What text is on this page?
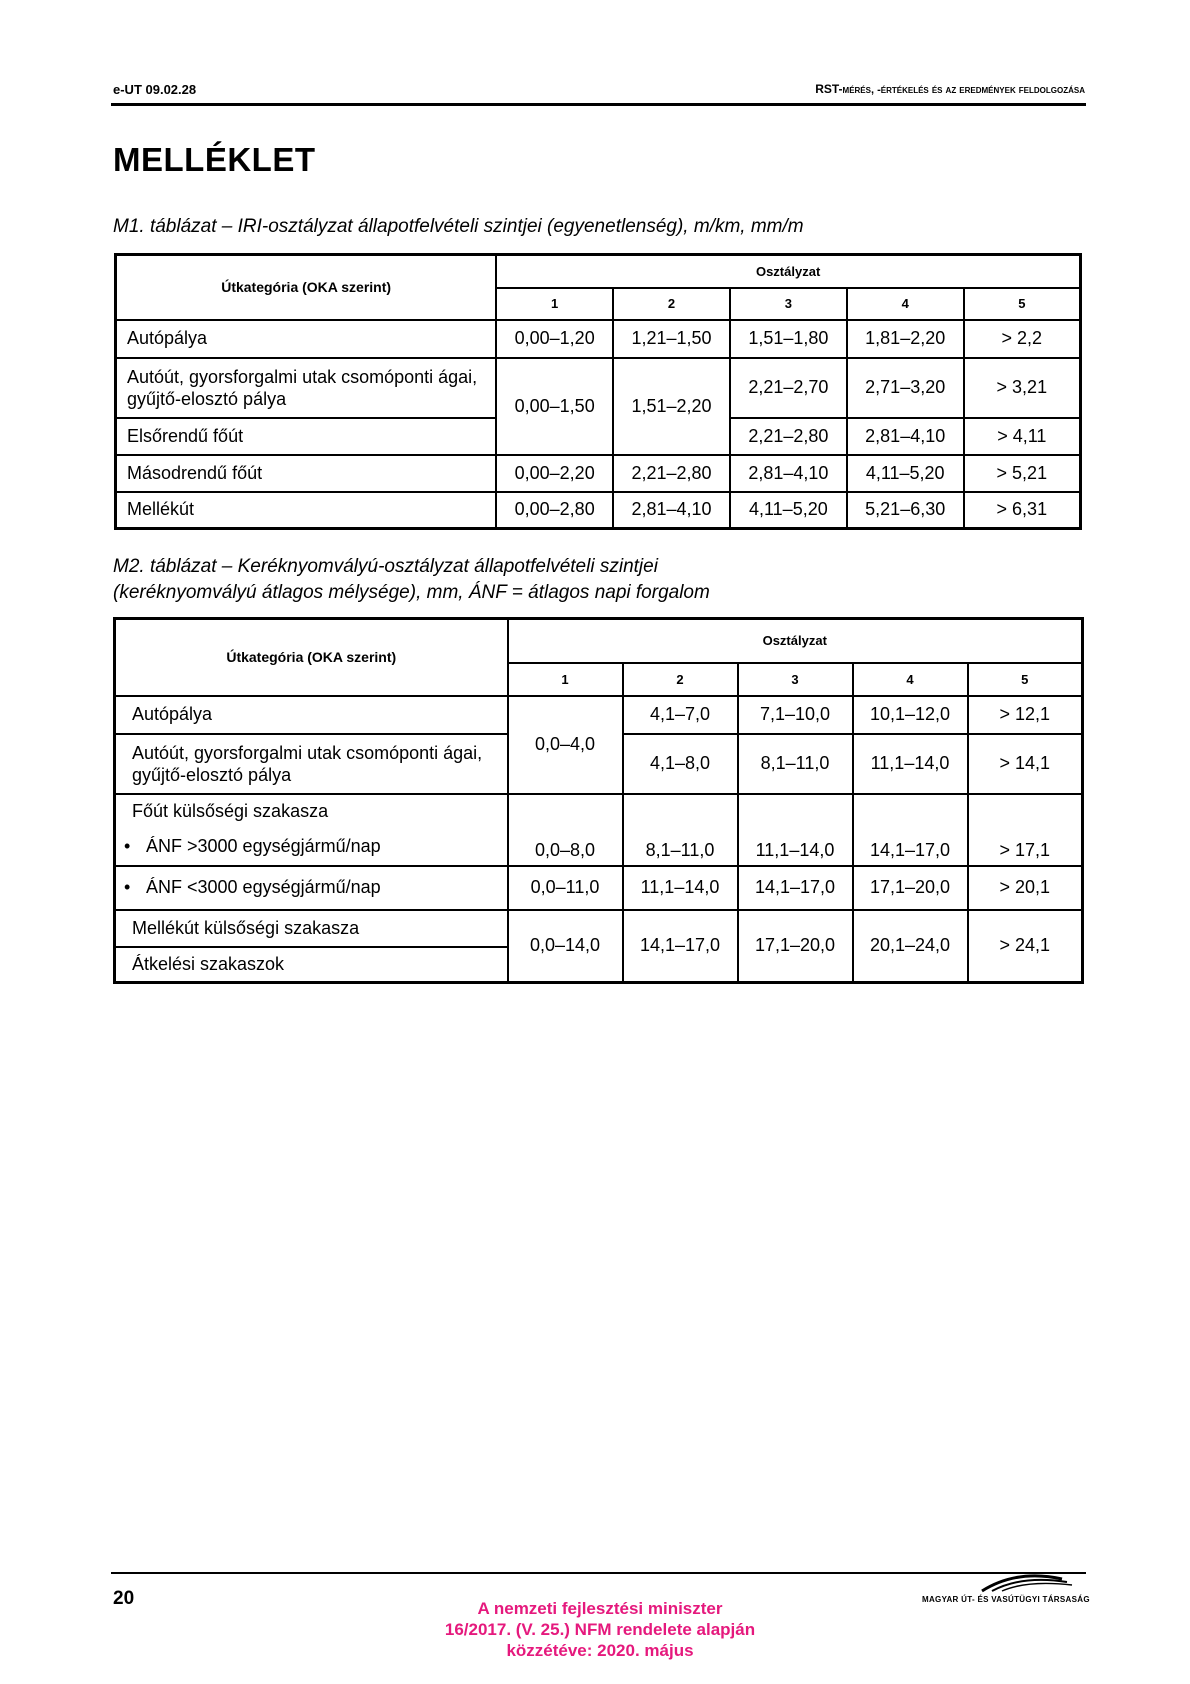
e-UT 09.02.28	RST-mérés, -értékelés és az eredmények feldolgozása
MELLÉKLET
M1. táblázat – IRI-osztályzat állapotfelvételi szintjei (egyenetlenség), m/km, mm/m
Útkategória (OKA szerint)	Osztályzat				
	1	2	3	4	5
Autópálya	0,00–1,20	1,21–1,50	1,51–1,80	1,81–2,20	> 2,2
Autóút, gyorsforgalmi utak csomóponti ágai, gyűjtő-elosztó pálya	0,00–1,50	1,51–2,20	2,21–2,70	2,71–3,20	> 3,21
Elsőrendű főút			2,21–2,80	2,81–4,10	> 4,11
Másodrendű főút	0,00–2,20	2,21–2,80	2,81–4,10	4,11–5,20	> 5,21
Mellékút	0,00–2,80	2,81–4,10	4,11–5,20	5,21–6,30	> 6,31
M2. táblázat – Keréknyomvályú-osztályzat állapotfelvételi szintjei
(keréknyomvályú átlagos mélysége), mm, ÁNF = átlagos napi forgalom
Útkategória (OKA szerint)	Osztályzat				
	1	2	3	4	5
Autópálya	0,0–4,0	4,1–7,0	7,1–10,0	10,1–12,0	> 12,1
Autóút, gyorsforgalmi utak csomóponti ágai, gyűjtő-elosztó pálya		4,1–8,0	8,1–11,0	11,1–14,0	> 14,1

Főút külsőségi szakasza
• ÁNF >3000 egységjármű/nap	0,0–8,0	8,1–11,0	11,1–14,0	14,1–17,0	> 17,1
• ÁNF <3000 egységjármű/nap	0,0–11,0	11,1–14,0	14,1–17,0	17,1–20,0	> 20,1
Mellékút külsőségi szakasza	0,0–14,0	14,1–17,0	17,1–20,0	20,1–24,0	> 24,1
Átkelési szakaszok					
20	A nemzeti fejlesztési miniszter
16/2017. (V. 25.) NFM rendelete alapján
közzétéve: 2020. május
MAGYAR ÚT- ÉS VASÚTÜGYI TÁRSASÁG
